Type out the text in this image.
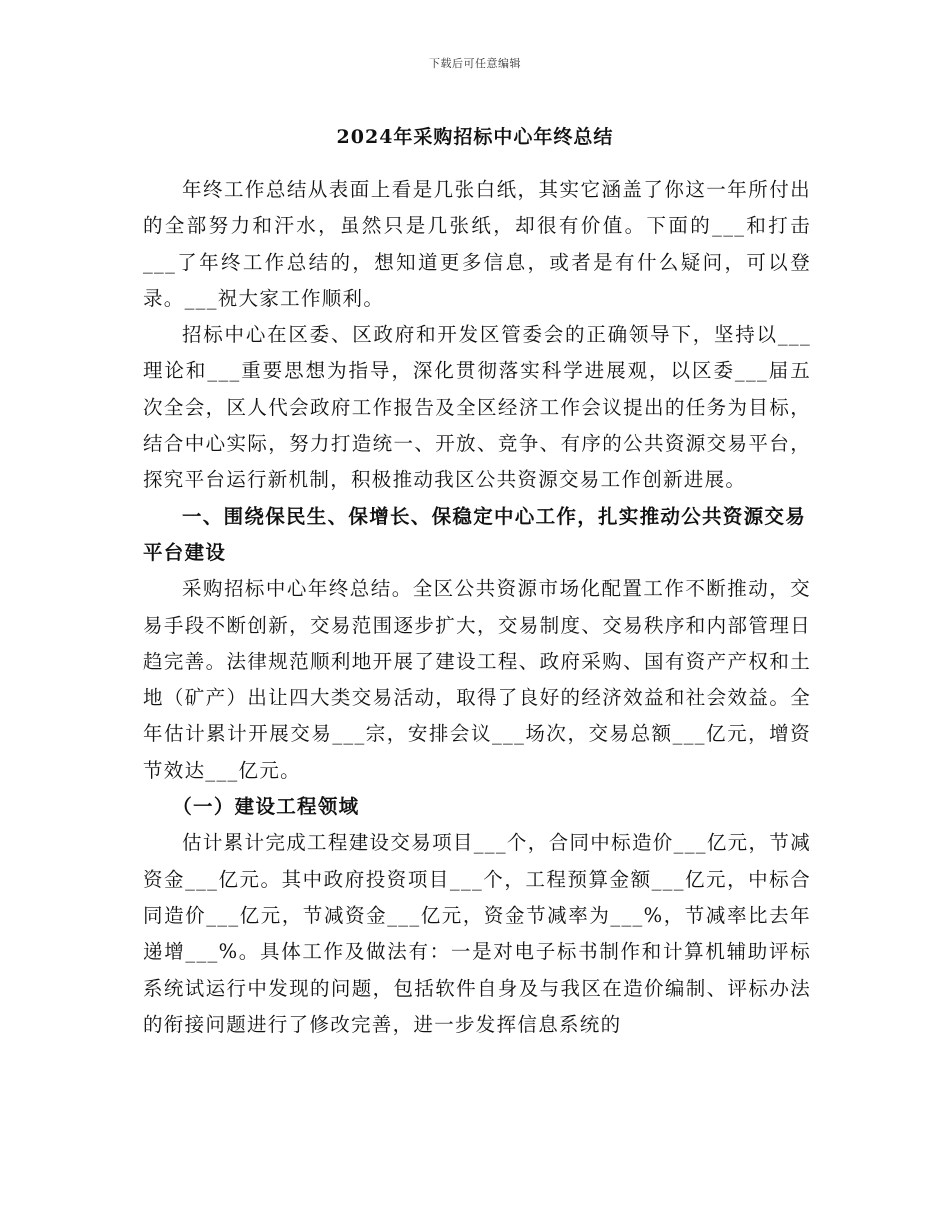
下载后可任意编辑
2024年采购招标中心年终总结

年终工作总结从表面上看是几张白纸，其实它涵盖了你这一年所付出的全部努力和汗水，虽然只是几张纸，却很有价值。下面的___和打击___了年终工作总结的，想知道更多信息，或者是有什么疑问，可以登录。___祝大家工作顺利。

招标中心在区委、区政府和开发区管委会的正确领导下，坚持以___理论和___重要思想为指导，深化贯彻落实科学进展观，以区委___届五次全会，区人代会政府工作报告及全区经济工作会议提出的任务为目标，结合中心实际，努力打造统一、开放、竞争、有序的公共资源交易平台，探究平台运行新机制，积极推动我区公共资源交易工作创新进展。

一、围绕保民生、保增长、保稳定中心工作，扎实推动公共资源交易平台建设

采购招标中心年终总结。全区公共资源市场化配置工作不断推动，交易手段不断创新，交易范围逐步扩大，交易制度、交易秩序和内部管理日趋完善。法律规范顺利地开展了建设工程、政府采购、国有资产产权和土地（矿产）出让四大类交易活动，取得了良好的经济效益和社会效益。全年估计累计开展交易___宗，安排会议___场次，交易总额___亿元，增资节效达___亿元。

（一）建设工程领域

估计累计完成工程建设交易项目___个，合同中标造价___亿元，节减资金___亿元。其中政府投资项目___个，工程预算金额___亿元，中标合同造价___亿元，节减资金___亿元，资金节减率为___%，节减率比去年递增___%。具体工作及做法有：一是对电子标书制作和计算机辅助评标系统试运行中发现的问题，包括软件自身及与我区在造价编制、评标办法的衔接问题进行了修改完善，进一步发挥信息系统的
